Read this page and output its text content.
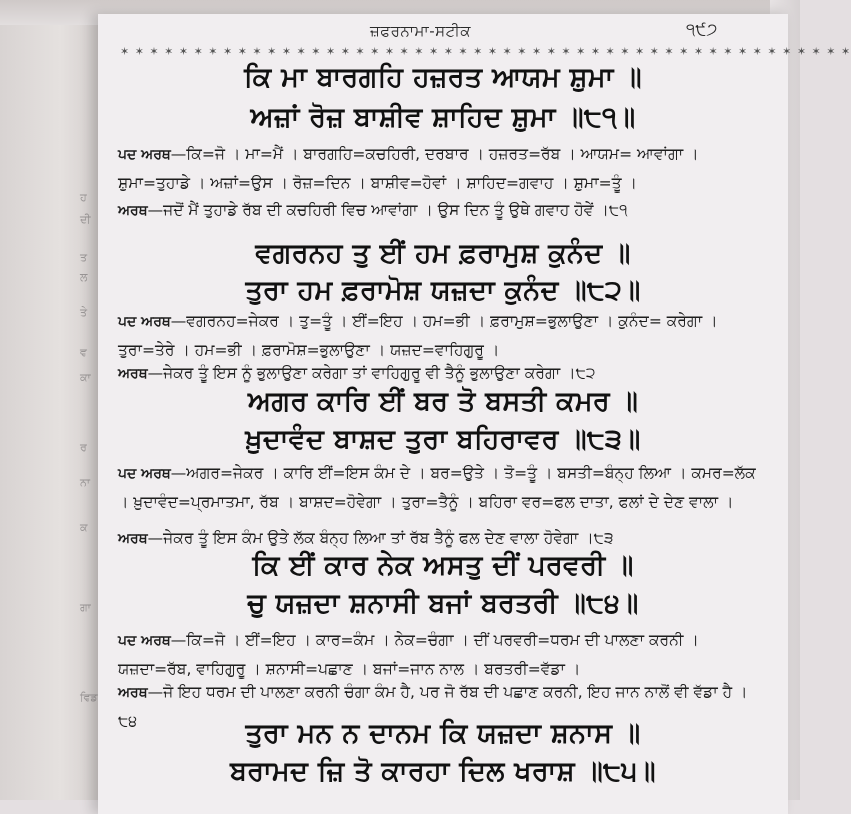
ਹ
ਦੀ
ਤ
ਲ
ਤੇ
ਵ
ਕਾ
ਰ
ਨਾ
ਕ
ਗਾ
ਵਿਡ
ਜ਼ਫਰਨਾਮਾ-ਸਟੀਕ	੧੯੭
✶ ✶ ✶ ✶ ✶ ✶ ✶ ✶ ✶ ✶ ✶ ✶ ✶ ✶ ✶ ✶ ✶ ✶ ✶ ✶ ✶ ✶ ✶ ✶ ✶ ✶ ✶ ✶ ✶ ✶ ✶ ✶ ✶ ✶ ✶ ✶ ✶ ✶ ✶ ✶ ✶ ✶ ✶ ✶ ✶ ✶ ✶ ✶ ✶ ✶
ਕਿ ਮਾ ਬਾਰਗਹਿ ਹਜ਼ਰਤ ਆਯਮ ਸ਼ੁਮਾ ॥
ਅਜ਼ਾਂ ਰੋਜ਼ ਬਾਸ਼ੀਵ ਸ਼ਾਹਿਦ ਸ਼ੁਮਾ ॥੮੧॥
ਪਦ ਅਰਥ—ਕਿ=ਜੋ । ਮਾ=ਮੈਂ । ਬਾਰਗਹਿ=ਕਚਹਿਰੀ, ਦਰਬਾਰ । ਹਜ਼ਰਤ=ਰੱਬ । ਆਯਮ= ਆਵਾਂਗਾ । ਸ਼ੁਮਾ=ਤੁਹਾਡੇ । ਅਜ਼ਾਂ=ਉਸ । ਰੋਜ਼=ਦਿਨ । ਬਾਸ਼ੀਵ=ਹੋਵਾਂ । ਸ਼ਾਹਿਦ=ਗਵਾਹ । ਸ਼ੁਮਾ=ਤੂੰ ।
ਅਰਥ—ਜਦੋਂ ਮੈਂ ਤੁਹਾਡੇ ਰੱਬ ਦੀ ਕਚਹਿਰੀ ਵਿਚ ਆਵਾਂਗਾ । ਉਸ ਦਿਨ ਤੂੰ ਉਥੇ ਗਵਾਹ ਹੋਵੇਂ ।੮੧
ਵਗਰਨਹ ਤੁ ਈਂ ਹਮ ਫ਼ਰਾਮੁਸ਼ ਕੁਨੰਦ ॥
ਤੁਰਾ ਹਮ ਫ਼ਰਾਮੋਸ਼ ਯਜ਼ਦਾ ਕੁਨੰਦ ॥੮੨॥
ਪਦ ਅਰਥ—ਵਗਰਨਹ=ਜੇਕਰ । ਤੁ=ਤੂੰ । ਈਂ=ਇਹ । ਹਮ=ਭੀ । ਫ਼ਰਾਮੁਸ਼=ਭੁਲਾਉਣਾ । ਕੁਨੰਦ= ਕਰੇਗਾ । ਤੁਰਾ=ਤੇਰੇ । ਹਮ=ਭੀ । ਫ਼ਰਾਮੋਸ਼=ਭੁਲਾਉਣਾ । ਯਜ਼ਦ=ਵਾਹਿਗੁਰੂ ।
ਅਰਥ—ਜੇਕਰ ਤੂੰ ਇਸ ਨੂੰ ਭੁਲਾਉਣਾ ਕਰੇਗਾ ਤਾਂ ਵਾਹਿਗੁਰੂ ਵੀ ਤੈਨੂੰ ਭੁਲਾਉਣਾ ਕਰੇਗਾ ।੮੨
ਅਗਰ ਕਾਰਿ ਈਂ ਬਰ ਤੋ ਬਸਤੀ ਕਮਰ ॥
ਖ਼ੁਦਾਵੰਦ ਬਾਸ਼ਦ ਤੁਰਾ ਬਹਿਰਾਵਰ ॥੮੩॥
ਪਦ ਅਰਥ—ਅਗਰ=ਜੇਕਰ । ਕਾਰਿ ਈਂ=ਇਸ ਕੰਮ ਦੇ । ਬਰ=ਉਤੇ । ਤੋ=ਤੂੰ । ਬਸਤੀ=ਬੰਨ੍ਹ ਲਿਆ । ਕਮਰ=ਲੱਕ । ਖ਼ੁਦਾਵੰਦ=ਪ੍ਰਮਾਤਮਾ, ਰੱਬ । ਬਾਸ਼ਦ=ਹੋਵੇਗਾ । ਤੁਰਾ=ਤੈਨੂੰ । ਬਹਿਰਾ ਵਰ=ਫਲ ਦਾਤਾ, ਫਲਾਂ ਦੇ ਦੇਣ ਵਾਲਾ ।
ਅਰਥ—ਜੇਕਰ ਤੂੰ ਇਸ ਕੰਮ ਉਤੇ ਲੱਕ ਬੰਨ੍ਹ ਲਿਆ ਤਾਂ ਰੱਬ ਤੈਨੂੰ ਫਲ ਦੇਣ ਵਾਲਾ ਹੋਵੇਗਾ ।੮੩
ਕਿ ਈਂ ਕਾਰ ਨੇਕ ਅਸਤੁ ਦੀਂ ਪਰਵਰੀ ॥
ਚੁ ਯਜ਼ਦਾ ਸ਼ਨਾਸੀ ਬਜਾਂ ਬਰਤਰੀ ॥੮੪॥
ਪਦ ਅਰਥ—ਕਿ=ਜੋ । ਈਂ=ਇਹ । ਕਾਰ=ਕੰਮ । ਨੇਕ=ਚੰਗਾ । ਦੀਂ ਪਰਵਰੀ=ਧਰਮ ਦੀ ਪਾਲਣਾ ਕਰਨੀ । ਯਜ਼ਦਾ=ਰੱਬ, ਵਾਹਿਗੁਰੂ । ਸ਼ਨਾਸੀ=ਪਛਾਣ । ਬਜਾਂ=ਜਾਨ ਨਾਲ । ਬਰਤਰੀ=ਵੱਡਾ ।
ਅਰਥ—ਜੋ ਇਹ ਧਰਮ ਦੀ ਪਾਲਣਾ ਕਰਨੀ ਚੰਗਾ ਕੰਮ ਹੈ, ਪਰ ਜੋ ਰੱਬ ਦੀ ਪਛਾਣ ਕਰਨੀ, ਇਹ ਜਾਨ ਨਾਲੋਂ ਵੀ ਵੱਡਾ ਹੈ ।੮੪	ਤੁਰਾ ਮਨ ਨ ਦਾਨਮ ਕਿ ਯਜ਼ਦਾ ਸ਼ਨਾਸ ॥
ਬਰਾਮਦ ਜ਼ਿ ਤੋ ਕਾਰਹਾ ਦਿਲ ਖਰਾਸ਼ ॥੮੫॥
